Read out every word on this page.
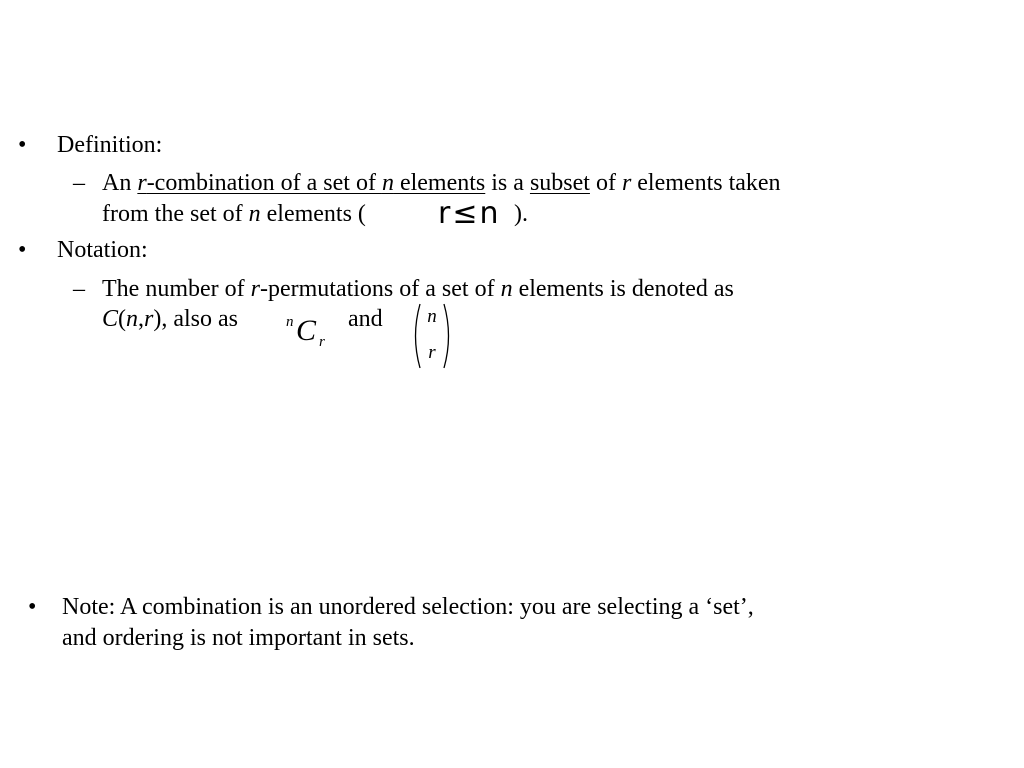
• Definition:
– An r-combination of a set of n elements is a subset of r elements taken
from the set of n elements ( r≤n ).
• Notation:
– The number of r-permutations of a set of n elements is denoted as
C(n,r), also as	n C r
and	n
r
• Note: A combination is an unordered selection: you are selecting a ‘set’,
and ordering is not important in sets.
